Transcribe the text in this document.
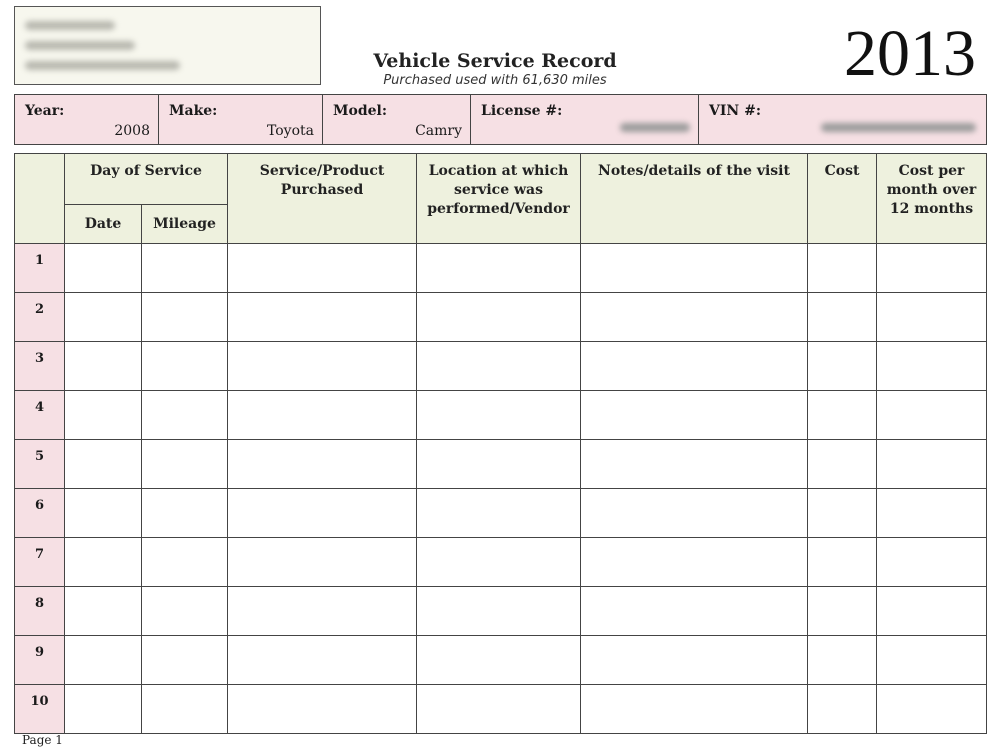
Vehicle Service Record
Purchased used with 61,630 miles	2013
Year:
2008

Make:
Toyota

Model:
Camry

License #:	VIN #:
	Day of Service		Service/Product Purchased	Location at which service was performed/Vendor	Notes/details of the visit	Cost	Cost per month over 12 months
	Date	Mileage					
1							
2							
3							
4							
5							
6							
7							
8							
9							
10							
Page 1
